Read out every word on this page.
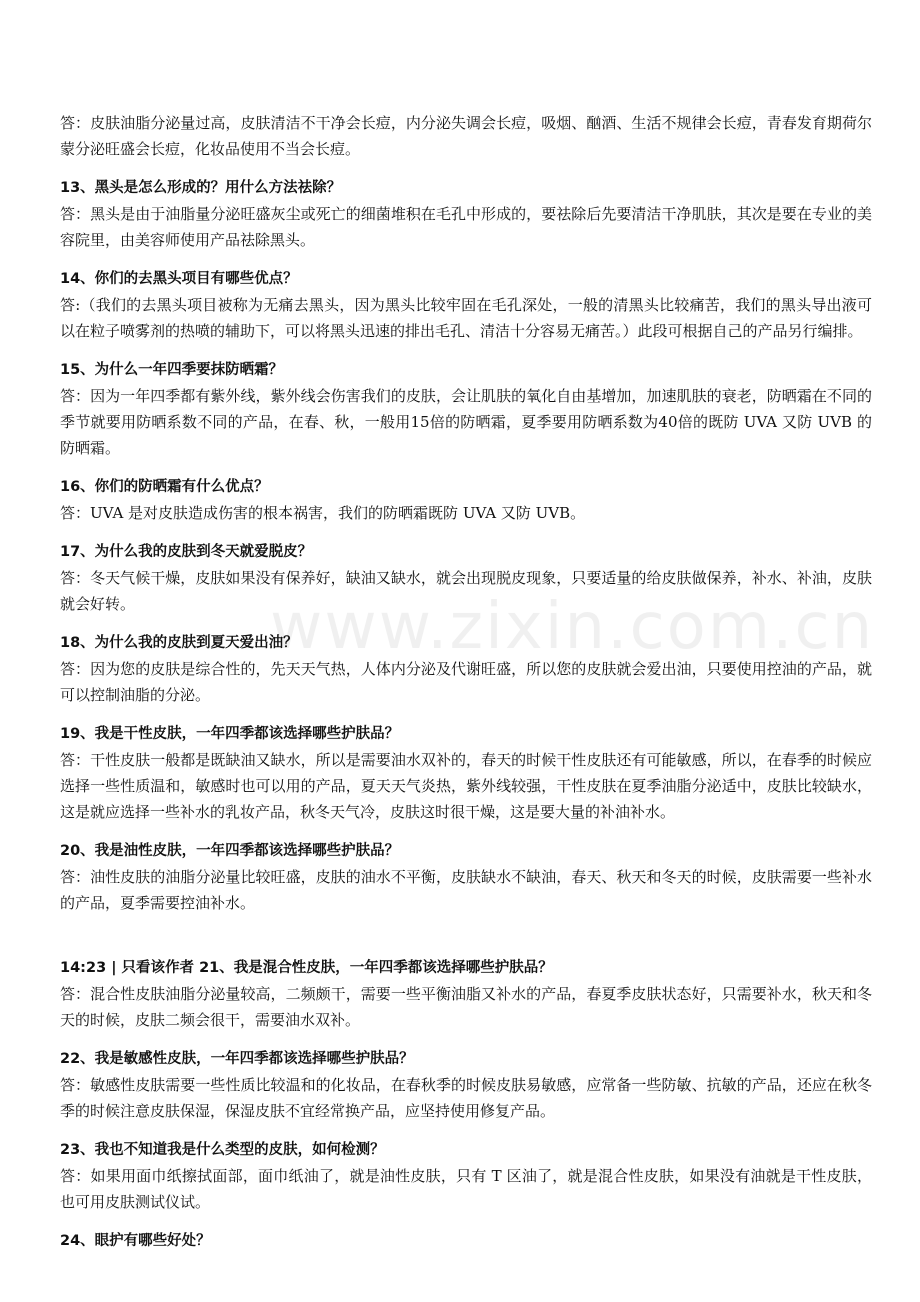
www.zixin.com.cn

答：皮肤油脂分泌量过高，皮肤清洁不干净会长痘，内分泌失调会长痘，吸烟、酗酒、生活不规律会长痘，青春发育期荷尔蒙分泌旺盛会长痘，化妆品使用不当会长痘。

13、黑头是怎么形成的？用什么方法祛除？

答：黑头是由于油脂量分泌旺盛灰尘或死亡的细菌堆积在毛孔中形成的，要祛除后先要清洁干净肌肤，其次是要在专业的美容院里，由美容师使用产品祛除黑头。

14、你们的去黑头项目有哪些优点？

答:（我们的去黑头项目被称为无痛去黑头，因为黑头比较牢固在毛孔深处，一般的清黑头比较痛苦，我们的黑头导出液可以在粒子喷雾剂的热喷的辅助下，可以将黑头迅速的排出毛孔、清洁十分容易无痛苦。）此段可根据自己的产品另行编排。

15、为什么一年四季要抹防晒霜？

答：因为一年四季都有紫外线，紫外线会伤害我们的皮肤，会让肌肤的氧化自由基增加，加速肌肤的衰老，防晒霜在不同的季节就要用防晒系数不同的产品，在春、秋，一般用15倍的防晒霜，夏季要用防晒系数为40倍的既防 UVA 又防 UVB 的防晒霜。

16、你们的防晒霜有什么优点？

答：UVA 是对皮肤造成伤害的根本祸害，我们的防晒霜既防 UVA 又防 UVB。

17、为什么我的皮肤到冬天就爱脱皮？

答：冬天气候干燥，皮肤如果没有保养好，缺油又缺水，就会出现脱皮现象，只要适量的给皮肤做保养，补水、补油，皮肤就会好转。

18、为什么我的皮肤到夏天爱出油？

答：因为您的皮肤是综合性的，先天天气热，人体内分泌及代谢旺盛，所以您的皮肤就会爱出油，只要使用控油的产品，就可以控制油脂的分泌。

19、我是干性皮肤，一年四季都该选择哪些护肤品？

答：干性皮肤一般都是既缺油又缺水，所以是需要油水双补的，春天的时候干性皮肤还有可能敏感，所以，在春季的时候应选择一些性质温和，敏感时也可以用的产品，夏天天气炎热，紫外线较强，干性皮肤在夏季油脂分泌适中，皮肤比较缺水，这是就应选择一些补水的乳妆产品，秋冬天气冷，皮肤这时很干燥，这是要大量的补油补水。

20、我是油性皮肤，一年四季都该选择哪些护肤品？

答：油性皮肤的油脂分泌量比较旺盛，皮肤的油水不平衡，皮肤缺水不缺油，春天、秋天和冬天的时候，皮肤需要一些补水的产品，夏季需要控油补水。

14:23 | 只看该作者 21、我是混合性皮肤，一年四季都该选择哪些护肤品？

答：混合性皮肤油脂分泌量较高，二频颇干，需要一些平衡油脂又补水的产品，春夏季皮肤状态好，只需要补水，秋天和冬天的时候，皮肤二频会很干，需要油水双补。

22、我是敏感性皮肤，一年四季都该选择哪些护肤品？

答：敏感性皮肤需要一些性质比较温和的化妆品，在春秋季的时候皮肤易敏感，应常备一些防敏、抗敏的产品，还应在秋冬季的时候注意皮肤保湿，保湿皮肤不宜经常换产品，应坚持使用修复产品。

23、我也不知道我是什么类型的皮肤，如何检测？

答：如果用面巾纸擦拭面部，面巾纸油了，就是油性皮肤，只有 T 区油了，就是混合性皮肤，如果没有油就是干性皮肤，也可用皮肤测试仪试。

24、眼护有哪些好处？
